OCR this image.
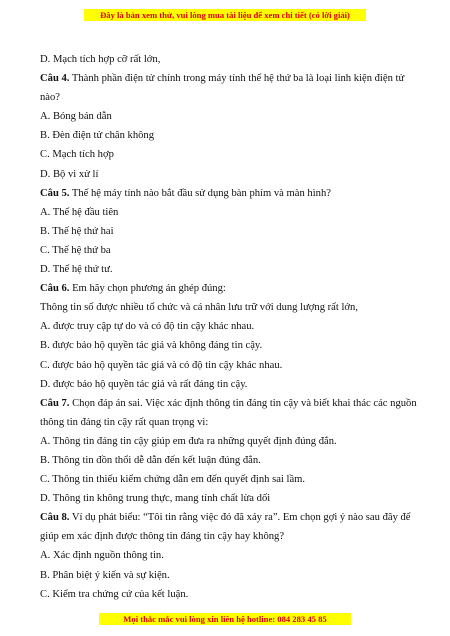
Đây là bản xem thử, vui lòng mua tài liệu để xem chi tiết (có lời giải)

D. Mạch tích hợp cỡ rất lớn,

Câu 4. Thành phần điện tử chính trong máy tính thế hệ thứ ba là loại linh kiện điện tử nào?

A. Bóng bán dẫn

B. Đèn điện tử chân không

C. Mạch tích hợp

D. Bộ vi xử lí

Câu 5. Thế hệ máy tính nào bắt đầu sử dụng bàn phím và màn hình?

A. Thế hệ đầu tiên

B. Thế hệ thứ hai

C. Thế hệ thứ ba

D. Thế hệ thứ tư.

Câu 6. Em hãy chọn phương án ghép đúng:

Thông tin số được nhiều tổ chức và cá nhân lưu trữ với dung lượng rất lớn,

A. được truy cập tự do và có độ tin cậy khác nhau.

B. được bảo hộ quyền tác giả và không đáng tin cậy.

C. được bảo hộ quyền tác giả và có độ tin cậy khác nhau.

D. được bảo hộ quyền tác giả và rất đáng tin cậy.

Câu 7. Chọn đáp án sai. Việc xác định thông tin đáng tin cậy và biết khai thác các nguồn thông tin đáng tin cậy rất quan trọng vì:

A. Thông tin đáng tin cậy giúp em đưa ra những quyết định đúng đắn.

B. Thông tin đồn thổi dễ dẫn đến kết luận đúng đắn.

C. Thông tin thiếu kiểm chứng dẫn em đến quyết định sai lầm.

D. Thông tin không trung thực, mang tính chất lừa dối

Câu 8. Ví dụ phát biểu: “Tôi tin rằng việc đó đã xảy ra”. Em chọn gợi ý nào sau đây để giúp em xác định được thông tin đáng tin cậy hay không?

A. Xác định nguồn thông tin.

B. Phân biệt ý kiến và sự kiện.

C. Kiểm tra chứng cứ của kết luận.

Mọi thắc mắc vui lòng xin liên hệ hotline: 084 283 45 85
